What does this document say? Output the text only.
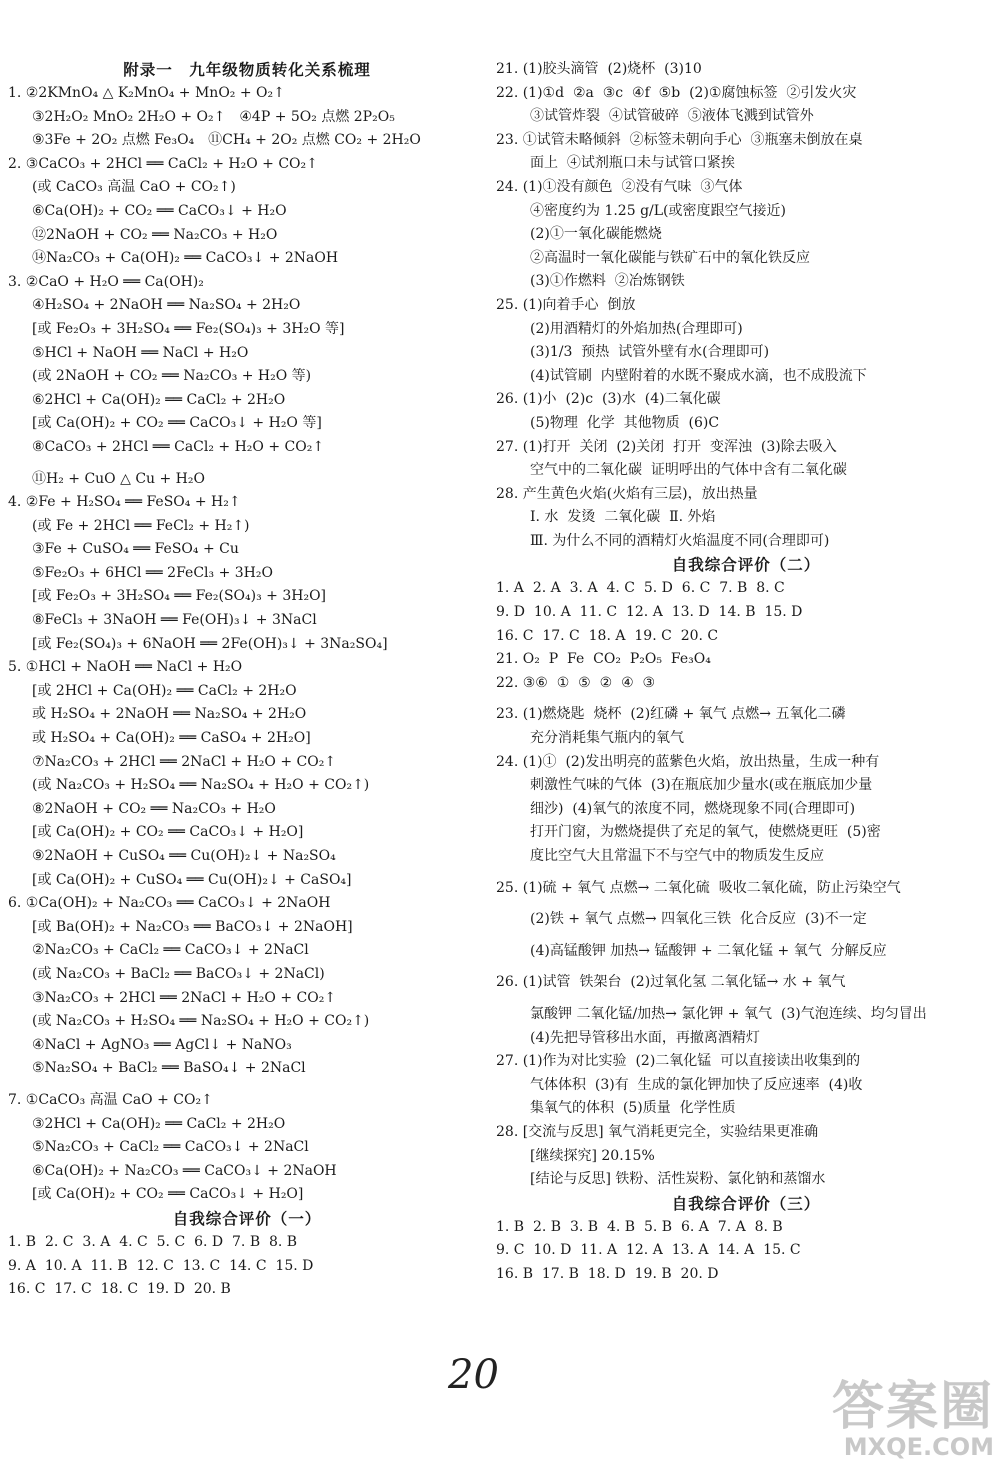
附录一　九年级物质转化关系梳理
1. ②2KMnO₄ △ K₂MnO₄ + MnO₂ + O₂↑
③2H₂O₂ MnO₂ 2H₂O + O₂↑　④4P + 5O₂ 点燃 2P₂O₅
⑨3Fe + 2O₂ 点燃 Fe₃O₄　⑪CH₄ + 2O₂ 点燃 CO₂ + 2H₂O
2. ③CaCO₃ + 2HCl ══ CaCl₂ + H₂O + CO₂↑
(或 CaCO₃ 高温 CaO + CO₂↑)
⑥Ca(OH)₂ + CO₂ ══ CaCO₃↓ + H₂O
⑫2NaOH + CO₂ ══ Na₂CO₃ + H₂O
⑭Na₂CO₃ + Ca(OH)₂ ══ CaCO₃↓ + 2NaOH
3. ②CaO + H₂O ══ Ca(OH)₂
④H₂SO₄ + 2NaOH ══ Na₂SO₄ + 2H₂O
[或 Fe₂O₃ + 3H₂SO₄ ══ Fe₂(SO₄)₃ + 3H₂O 等]
⑤HCl + NaOH ══ NaCl + H₂O
(或 2NaOH + CO₂ ══ Na₂CO₃ + H₂O 等)
⑥2HCl + Ca(OH)₂ ══ CaCl₂ + 2H₂O
[或 Ca(OH)₂ + CO₂ ══ CaCO₃↓ + H₂O 等]
⑧CaCO₃ + 2HCl ══ CaCl₂ + H₂O + CO₂↑
⑪H₂ + CuO △ Cu + H₂O
4. ②Fe + H₂SO₄ ══ FeSO₄ + H₂↑
(或 Fe + 2HCl ══ FeCl₂ + H₂↑)
③Fe + CuSO₄ ══ FeSO₄ + Cu
⑤Fe₂O₃ + 6HCl ══ 2FeCl₃ + 3H₂O
[或 Fe₂O₃ + 3H₂SO₄ ══ Fe₂(SO₄)₃ + 3H₂O]
⑧FeCl₃ + 3NaOH ══ Fe(OH)₃↓ + 3NaCl
[或 Fe₂(SO₄)₃ + 6NaOH ══ 2Fe(OH)₃↓ + 3Na₂SO₄]
5. ①HCl + NaOH ══ NaCl + H₂O
[或 2HCl + Ca(OH)₂ ══ CaCl₂ + 2H₂O
或 H₂SO₄ + 2NaOH ══ Na₂SO₄ + 2H₂O
或 H₂SO₄ + Ca(OH)₂ ══ CaSO₄ + 2H₂O]
⑦Na₂CO₃ + 2HCl ══ 2NaCl + H₂O + CO₂↑
(或 Na₂CO₃ + H₂SO₄ ══ Na₂SO₄ + H₂O + CO₂↑)
⑧2NaOH + CO₂ ══ Na₂CO₃ + H₂O
[或 Ca(OH)₂ + CO₂ ══ CaCO₃↓ + H₂O]
⑨2NaOH + CuSO₄ ══ Cu(OH)₂↓ + Na₂SO₄
[或 Ca(OH)₂ + CuSO₄ ══ Cu(OH)₂↓ + CaSO₄]
6. ①Ca(OH)₂ + Na₂CO₃ ══ CaCO₃↓ + 2NaOH
[或 Ba(OH)₂ + Na₂CO₃ ══ BaCO₃↓ + 2NaOH]
②Na₂CO₃ + CaCl₂ ══ CaCO₃↓ + 2NaCl
(或 Na₂CO₃ + BaCl₂ ══ BaCO₃↓ + 2NaCl)
③Na₂CO₃ + 2HCl ══ 2NaCl + H₂O + CO₂↑
(或 Na₂CO₃ + H₂SO₄ ══ Na₂SO₄ + H₂O + CO₂↑)
④NaCl + AgNO₃ ══ AgCl↓ + NaNO₃
⑤Na₂SO₄ + BaCl₂ ══ BaSO₄↓ + 2NaCl
7. ①CaCO₃ 高温 CaO + CO₂↑
③2HCl + Ca(OH)₂ ══ CaCl₂ + 2H₂O
⑤Na₂CO₃ + CaCl₂ ══ CaCO₃↓ + 2NaCl
⑥Ca(OH)₂ + Na₂CO₃ ══ CaCO₃↓ + 2NaOH
[或 Ca(OH)₂ + CO₂ ══ CaCO₃↓ + H₂O]
自我综合评价（一）
1. B  2. C  3. A  4. C  5. C  6. D  7. B  8. B
9. A  10. A  11. B  12. C  13. C  14. C  15. D
16. C  17. C  18. C  19. D  20. B
21. (1)胶头滴管  (2)烧杯  (3)10
22. (1)①d  ②a  ③c  ④f  ⑤b  (2)①腐蚀标签  ②引发火灾
③试管炸裂  ④试管破碎  ⑤液体飞溅到试管外
23. ①试管未略倾斜  ②标签未朝向手心  ③瓶塞未倒放在桌
面上  ④试剂瓶口未与试管口紧挨
24. (1)①没有颜色  ②没有气味  ③气体
④密度约为 1.25 g/L(或密度跟空气接近)
(2)①一氧化碳能燃烧
②高温时一氧化碳能与铁矿石中的氧化铁反应
(3)①作燃料  ②冶炼钢铁
25. (1)向着手心  倒放
(2)用酒精灯的外焰加热(合理即可)
(3)1/3  预热  试管外壁有水(合理即可)
(4)试管刷  内壁附着的水既不聚成水滴，也不成股流下
26. (1)小  (2)c  (3)水  (4)二氧化碳
(5)物理  化学  其他物质  (6)C
27. (1)打开  关闭  (2)关闭  打开  变浑浊  (3)除去吸入
空气中的二氧化碳  证明呼出的气体中含有二氧化碳
28. 产生黄色火焰(火焰有三层)，放出热量
Ⅰ. 水  发烫  二氧化碳  Ⅱ. 外焰
Ⅲ. 为什么不同的酒精灯火焰温度不同(合理即可)
自我综合评价（二）
1. A  2. A  3. A  4. C  5. D  6. C  7. B  8. C
9. D  10. A  11. C  12. A  13. D  14. B  15. D
16. C  17. C  18. A  19. C  20. C
21. O₂  P  Fe  CO₂  P₂O₅  Fe₃O₄
22. ③⑥  ①  ⑤  ②  ④  ③
23. (1)燃烧匙  烧杯  (2)红磷 + 氧气 点燃→ 五氧化二磷
充分消耗集气瓶内的氧气
24. (1)①  (2)发出明亮的蓝紫色火焰，放出热量，生成一种有
刺激性气味的气体  (3)在瓶底加少量水(或在瓶底加少量
细沙)  (4)氧气的浓度不同，燃烧现象不同(合理即可)
打开门窗，为燃烧提供了充足的氧气，使燃烧更旺  (5)密
度比空气大且常温下不与空气中的物质发生反应
25. (1)硫 + 氧气 点燃→ 二氧化硫  吸收二氧化硫，防止污染空气
(2)铁 + 氧气 点燃→ 四氧化三铁  化合反应  (3)不一定
(4)高锰酸钾 加热→ 锰酸钾 + 二氧化锰 + 氧气  分解反应
26. (1)试管  铁架台  (2)过氧化氢 二氧化锰→ 水 + 氧气
氯酸钾 二氧化锰/加热→ 氯化钾 + 氧气  (3)气泡连续、均匀冒出
(4)先把导管移出水面，再撤离酒精灯
27. (1)作为对比实验  (2)二氧化锰  可以直接读出收集到的
气体体积  (3)有  生成的氯化钾加快了反应速率  (4)收
集氧气的体积  (5)质量  化学性质
28. [交流与反思] 氧气消耗更完全，实验结果更准确
[继续探究] 20.15%
[结论与反思] 铁粉、活性炭粉、氯化钠和蒸馏水
自我综合评价（三）
1. B  2. B  3. B  4. B  5. B  6. A  7. A  8. B
9. C  10. D  11. A  12. A  13. A  14. A  15. C
16. B  17. B  18. D  19. B  20. D
20
答案圈
MXQE.COM
